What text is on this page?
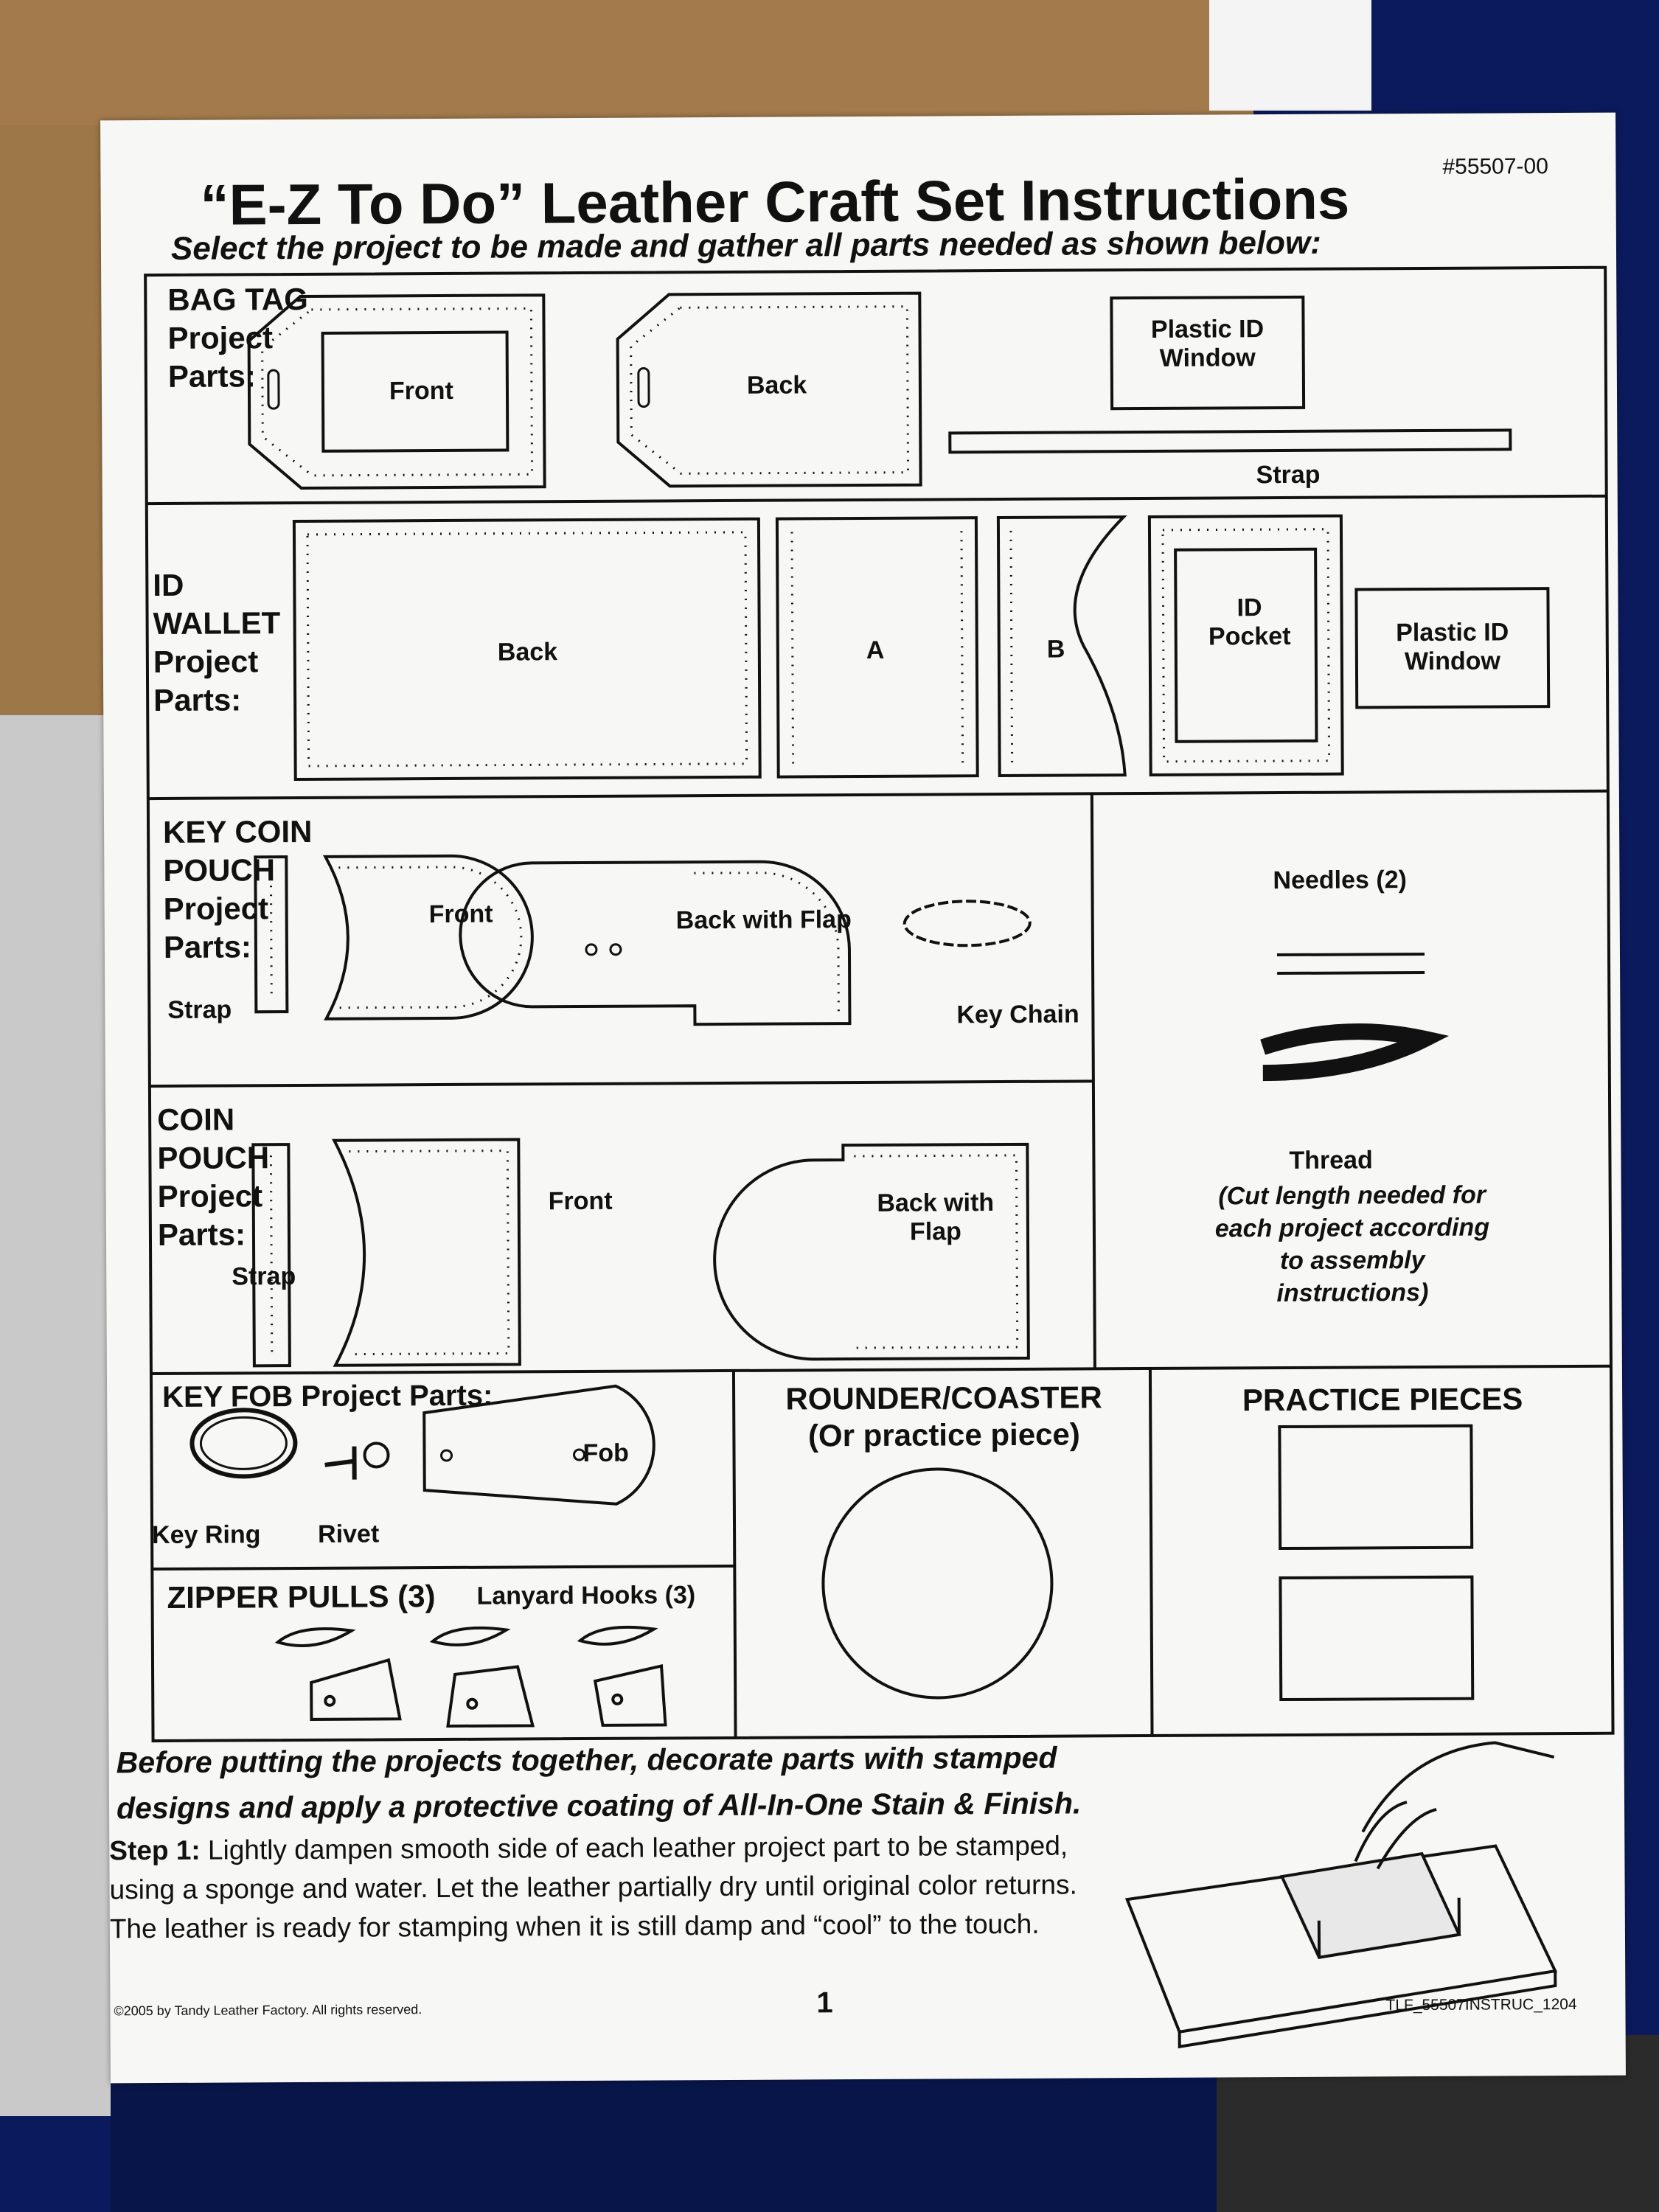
“E-Z To Do” Leather Craft Set Instructions	#55507-00
Select the project to be made and gather all parts needed as shown below:
BAG TAG
Project
Parts:	Front	Back
Plastic ID
Window
Strap
ID
WALLET
Project
Parts:
Back	A	B
ID
Pocket	Plastic ID
Window
KEY COIN
POUCH
Project
Parts:
Strap
Front	Back with Flap
Key Chain
COIN
POUCH
Project
Parts:
Strap
Front	Back with
Flap
Needles (2)
Thread
(Cut length needed for
each project according
to assembly
instructions)
KEY FOB Project Parts:
Fob
Key Ring Rivet
ZIPPER PULLS (3) Lanyard Hooks (3)
ROUNDER/COASTER
(Or practice piece)
PRACTICE PIECES
Before putting the projects together, decorate parts with stamped designs and apply a protective coating of All-In-One Stain & Finish.
Step 1: Lightly dampen smooth side of each leather project part to be stamped, using a sponge and water. Let the leather partially dry until original color returns. The leather is ready for stamping when it is still damp and “cool” to the touch.
©2005 by Tandy Leather Factory. All rights reserved.	1	TLF_55507INSTRUC_1204
